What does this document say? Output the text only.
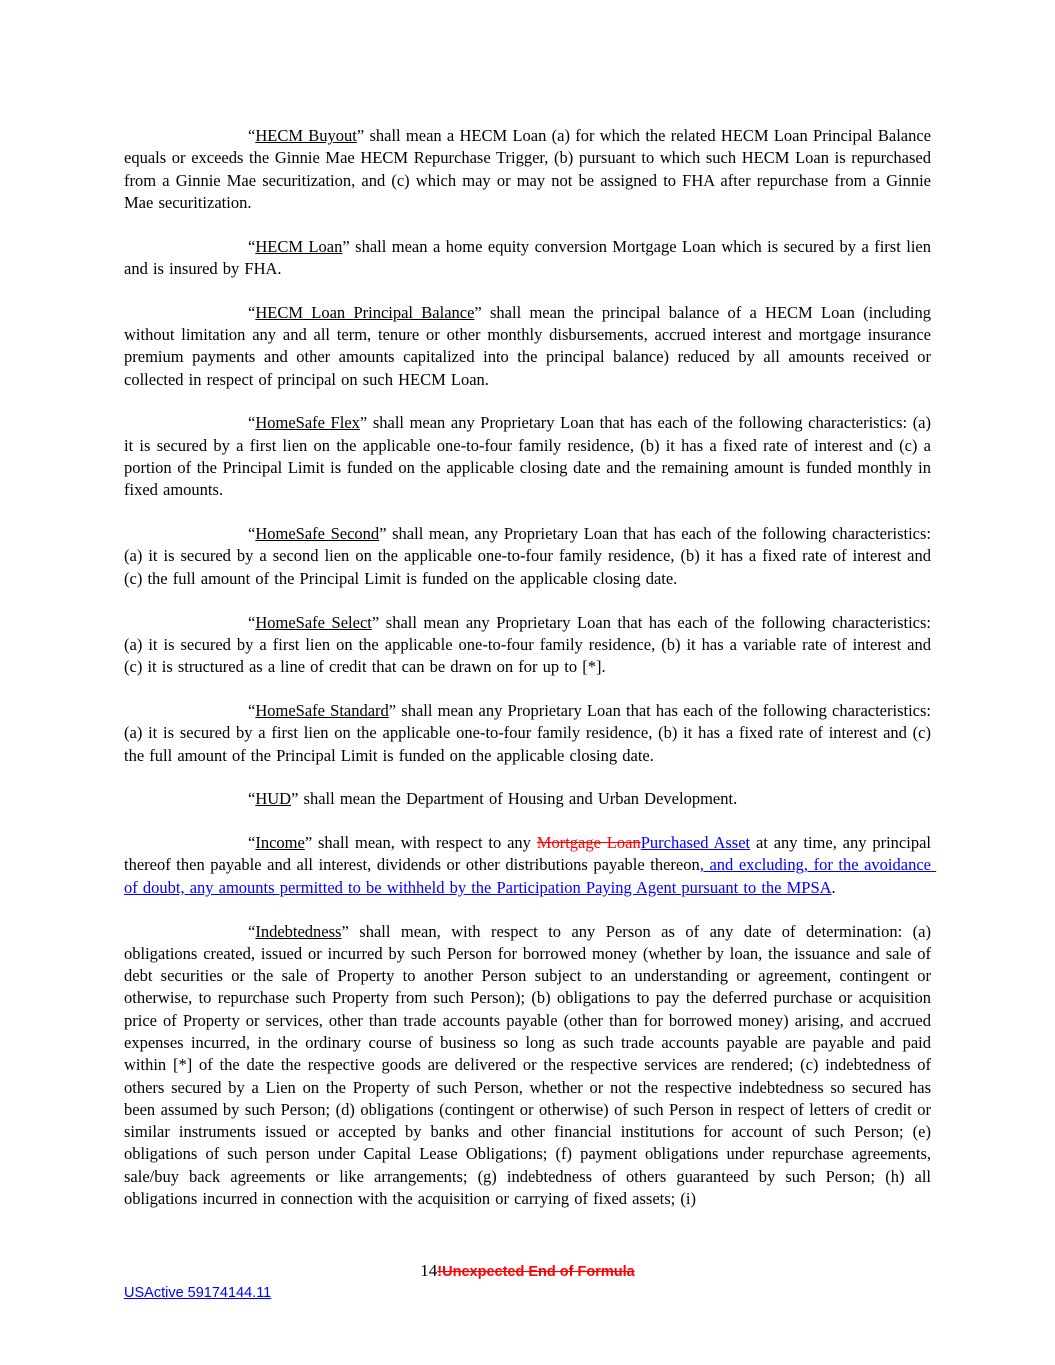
“HECM Buyout” shall mean a HECM Loan (a) for which the related HECM Loan Principal Balance equals or exceeds the Ginnie Mae HECM Repurchase Trigger, (b) pursuant to which such HECM Loan is repurchased from a Ginnie Mae securitization, and (c) which may or may not be assigned to FHA after repurchase from a Ginnie Mae securitization.

“HECM Loan” shall mean a home equity conversion Mortgage Loan which is secured by a first lien and is insured by FHA.

“HECM Loan Principal Balance” shall mean the principal balance of a HECM Loan (including without limitation any and all term, tenure or other monthly disbursements, accrued interest and mortgage insurance premium payments and other amounts capitalized into the principal balance) reduced by all amounts received or collected in respect of principal on such HECM Loan.

“HomeSafe Flex” shall mean any Proprietary Loan that has each of the following characteristics: (a) it is secured by a first lien on the applicable one-to-four family residence, (b) it has a fixed rate of interest and (c) a portion of the Principal Limit is funded on the applicable closing date and the remaining amount is funded monthly in fixed amounts.

“HomeSafe Second” shall mean, any Proprietary Loan that has each of the following characteristics: (a) it is secured by a second lien on the applicable one-to-four family residence, (b) it has a fixed rate of interest and (c) the full amount of the Principal Limit is funded on the applicable closing date.

“HomeSafe Select” shall mean any Proprietary Loan that has each of the following characteristics: (a) it is secured by a first lien on the applicable one-to-four family residence, (b) it has a variable rate of interest and (c) it is structured as a line of credit that can be drawn on for up to [*].

“HomeSafe Standard” shall mean any Proprietary Loan that has each of the following characteristics: (a) it is secured by a first lien on the applicable one-to-four family residence, (b) it has a fixed rate of interest and (c) the full amount of the Principal Limit is funded on the applicable closing date.

“HUD” shall mean the Department of Housing and Urban Development.

“Income” shall mean, with respect to any Mortgage LoanPurchased Asset at any time, any principal thereof then payable and all interest, dividends or other distributions payable thereon, and excluding, for the avoidance of doubt, any amounts permitted to be withheld by the Participation Paying Agent pursuant to the MPSA.

“Indebtedness” shall mean, with respect to any Person as of any date of determination: (a) obligations created, issued or incurred by such Person for borrowed money (whether by loan, the issuance and sale of debt securities or the sale of Property to another Person subject to an understanding or agreement, contingent or otherwise, to repurchase such Property from such Person); (b) obligations to pay the deferred purchase or acquisition price of Property or services, other than trade accounts payable (other than for borrowed money) arising, and accrued expenses incurred, in the ordinary course of business so long as such trade accounts payable are payable and paid within [*] of the date the respective goods are delivered or the respective services are rendered; (c) indebtedness of others secured by a Lien on the Property of such Person, whether or not the respective indebtedness so secured has been assumed by such Person; (d) obligations (contingent or otherwise) of such Person in respect of letters of credit or similar instruments issued or accepted by banks and other financial institutions for account of such Person; (e) obligations of such person under Capital Lease Obligations; (f) payment obligations under repurchase agreements, sale/buy back agreements or like arrangements; (g) indebtedness of others guaranteed by such Person; (h) all obligations incurred in connection with the acquisition or carrying of fixed assets; (i)

14!Unexpected End of Formula
USActive 59174144.11
